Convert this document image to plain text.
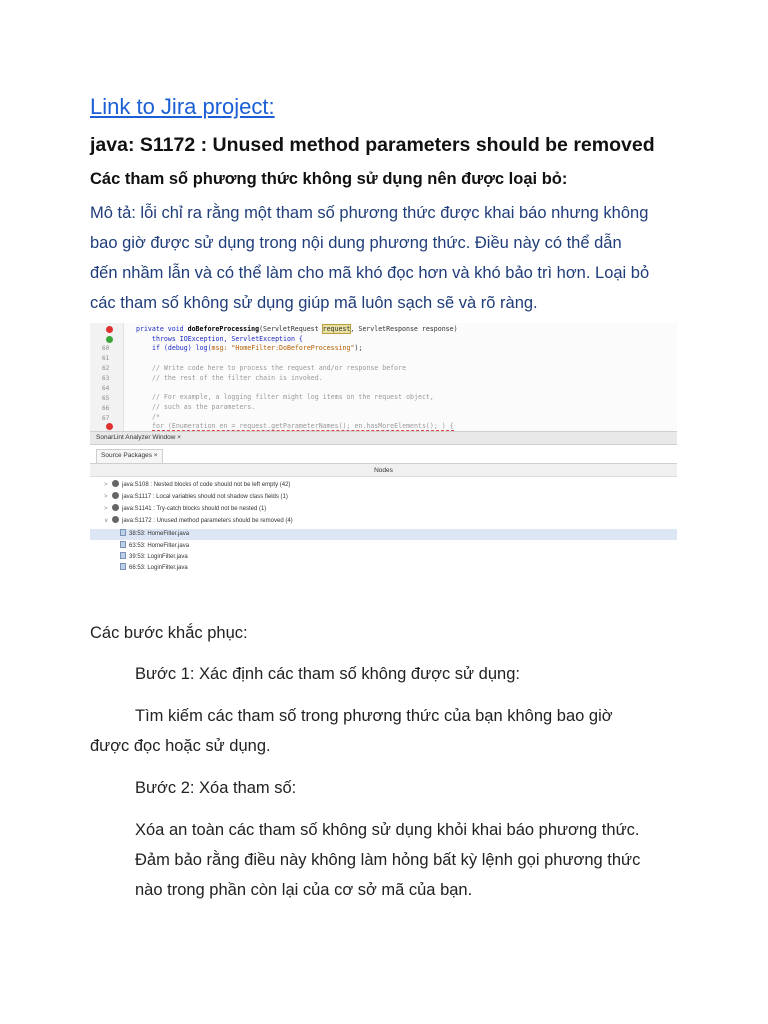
Link to Jira project:
java: S1172 : Unused method parameters should be removed
Các tham số phương thức không sử dụng nên được loại bỏ:
Mô tả: lỗi chỉ ra rằng một tham số phương thức được khai báo nhưng không
bao giờ được sử dụng trong nội dung phương thức. Điều này có thể dẫn
đến nhầm lẫn và có thể làm cho mã khó đọc hơn và khó bảo trì hơn. Loại bỏ
các tham số không sử dụng giúp mã luôn sạch sẽ và rõ ràng.
60
61
62
63
64
65
66
67
private void doBeforeProcessing(ServletRequest request, ServletResponse response)
throws IOException, ServletException {
if (debug) log(msg: "HomeFilter:DoBeforeProcessing");
// Write code here to process the request and/or response before
// the rest of the filter chain is invoked.
// For example, a logging filter might log items on the request object,
// such as the parameters.
/*
for (Enumeration en = request.getParameterNames(); en.hasMoreElements(); ) {
SonarLint Analyzer Window ×
Source Packages ×
Nodes
> java:S108 : Nested blocks of code should not be left empty (42)
> java:S1117 : Local variables should not shadow class fields (1)
> java:S1141 : Try-catch blocks should not be nested (1)
∨ java:S1172 : Unused method parameters should be removed (4)
38:53: HomeFilter.java
63:53: HomeFilter.java
39:53: LoginFilter.java
66:53: LoginFilter.java
Các bước khắc phục:
Bước 1: Xác định các tham số không được sử dụng:
Tìm kiếm các tham số trong phương thức của bạn không bao giờ
được đọc hoặc sử dụng.
Bước 2: Xóa tham số:
Xóa an toàn các tham số không sử dụng khỏi khai báo phương thức.
Đảm bảo rằng điều này không làm hỏng bất kỳ lệnh gọi phương thức
nào trong phần còn lại của cơ sở mã của bạn.
